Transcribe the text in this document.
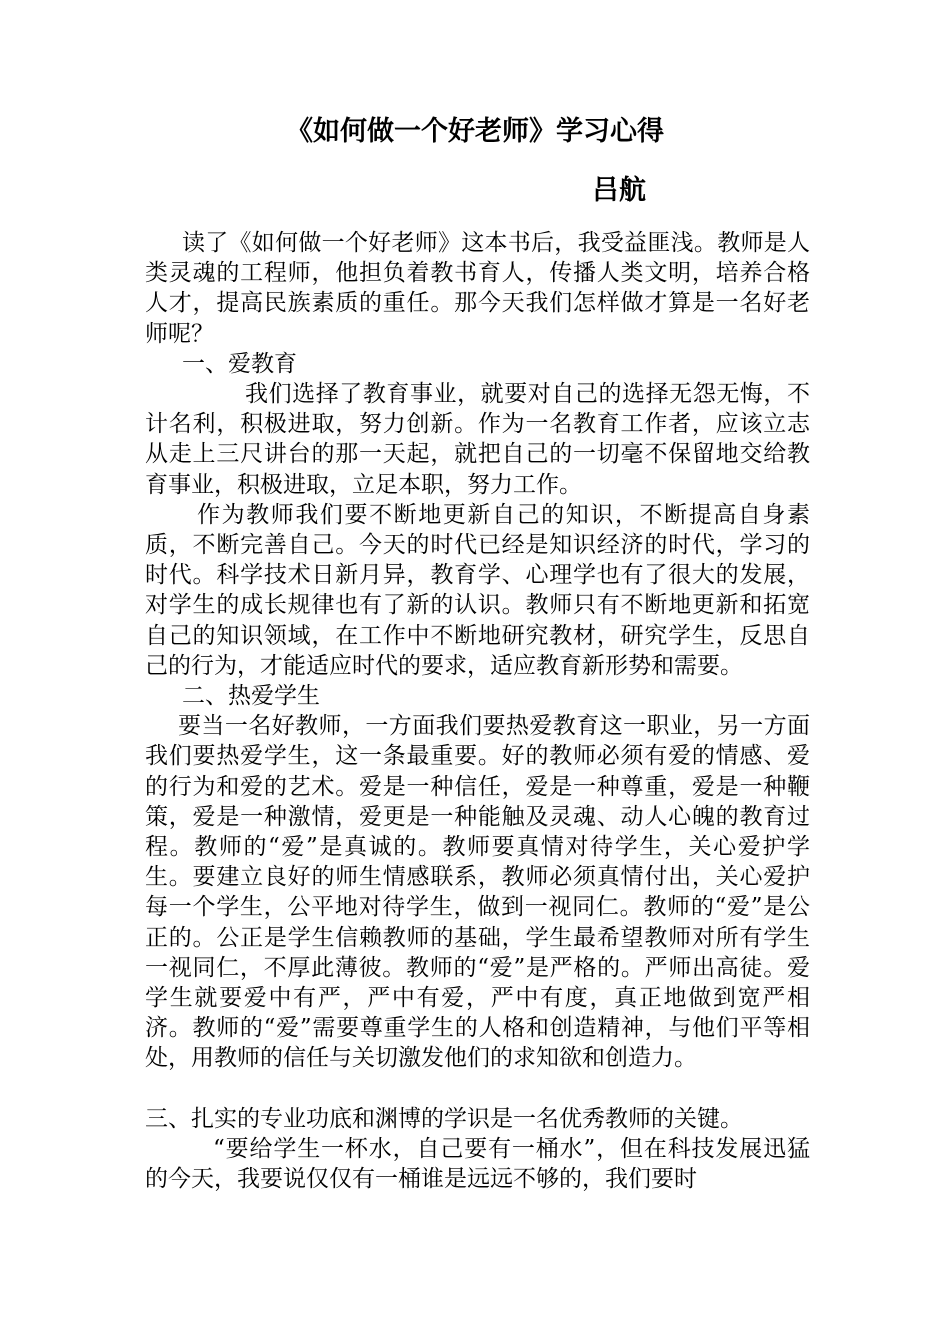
《如何做一个好老师》学习心得
吕航

读了《如何做一个好老师》这本书后，我受益匪浅。教师是人类灵魂的工程师，他担负着教书育人，传播人类文明，培养合格人才，提高民族素质的重任。那今天我们怎样做才算是一名好老师呢？

一、爱教育

我们选择了教育事业，就要对自己的选择无怨无悔，不计名利，积极进取，努力创新。作为一名教育工作者，应该立志从走上三尺讲台的那一天起，就把自己的一切毫不保留地交给教育事业，积极进取，立足本职，努力工作。

作为教师我们要不断地更新自己的知识，不断提高自身素质，不断完善自己。今天的时代已经是知识经济的时代，学习的时代。科学技术日新月异，教育学、心理学也有了很大的发展，对学生的成长规律也有了新的认识。教师只有不断地更新和拓宽自己的知识领域，在工作中不断地研究教材，研究学生，反思自己的行为，才能适应时代的要求，适应教育新形势和需要。

二、热爱学生

要当一名好教师，一方面我们要热爱教育这一职业，另一方面我们要热爱学生，这一条最重要。好的教师必须有爱的情感、爱的行为和爱的艺术。爱是一种信任，爱是一种尊重，爱是一种鞭策，爱是一种激情，爱更是一种能触及灵魂、动人心魄的教育过程。教师的“爱”是真诚的。教师要真情对待学生，关心爱护学生。要建立良好的师生情感联系，教师必须真情付出，关心爱护每一个学生，公平地对待学生，做到一视同仁。教师的“爱”是公正的。公正是学生信赖教师的基础，学生最希望教师对所有学生一视同仁，不厚此薄彼。教师的“爱”是严格的。严师出高徒。爱学生就要爱中有严，严中有爱，严中有度，真正地做到宽严相济。教师的“爱”需要尊重学生的人格和创造精神，与他们平等相处，用教师的信任与关切激发他们的求知欲和创造力。

三、扎实的专业功底和渊博的学识是一名优秀教师的关键。

“要给学生一杯水，自己要有一桶水”，但在科技发展迅猛的今天，我要说仅仅有一桶谁是远远不够的，我们要时
